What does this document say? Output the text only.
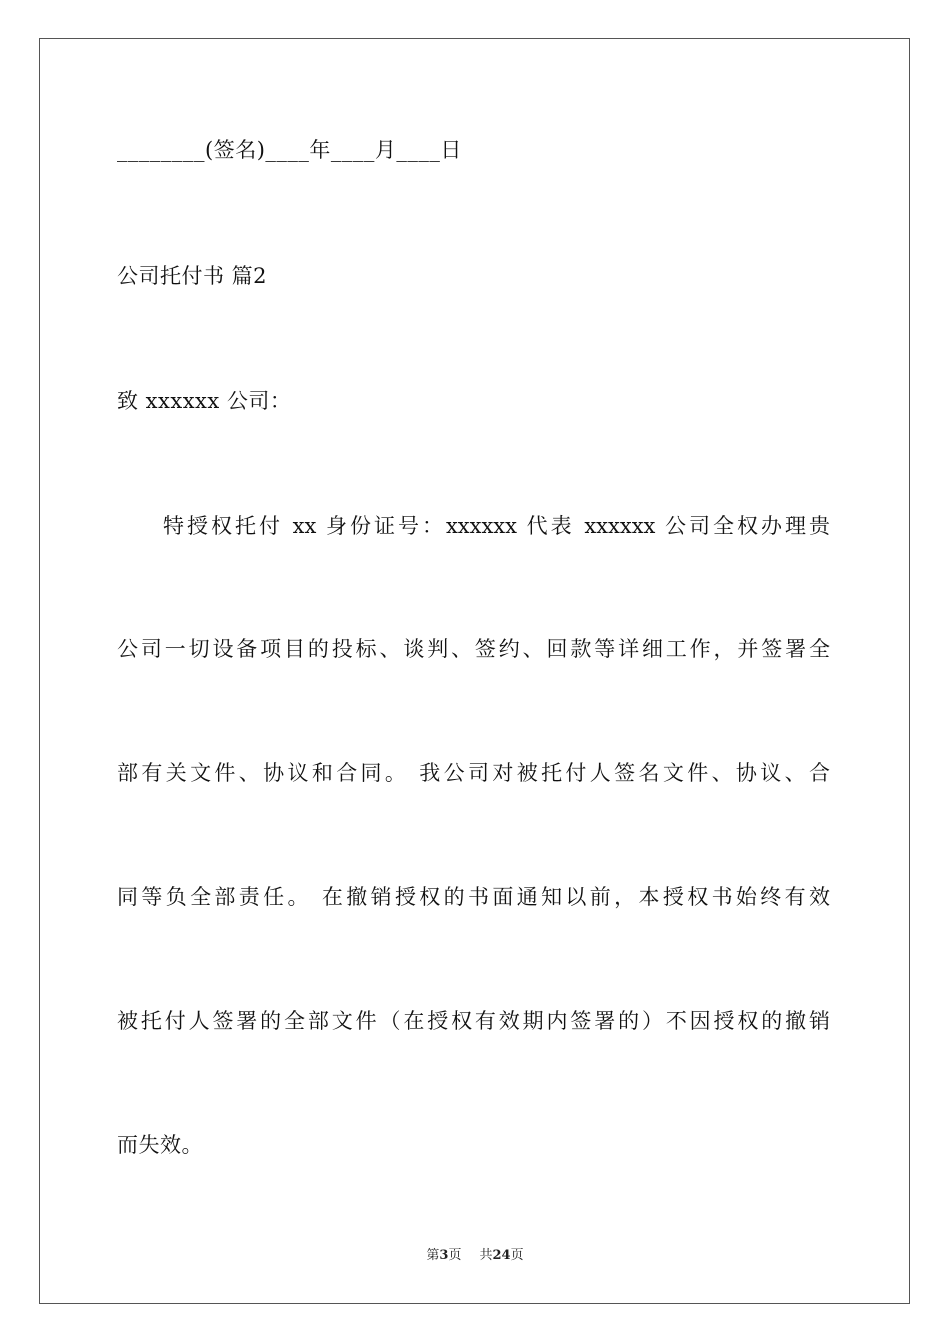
________(签名)____年____月____日
公司托付书 篇2
致 xxxxxx 公司：
特授权托付 xx 身份证号：xxxxxx 代表 xxxxxx 公司全权办理贵
公司一切设备项目的投标、谈判、签约、回款等详细工作，并签署全
部有关文件、协议和合同。 我公司对被托付人签名文件、协议、合
同等负全部责任。 在撤销授权的书面通知以前，本授权书始终有效
被托付人签署的全部文件（在授权有效期内签署的）不因授权的撤销
而失效。
第3页 共24页
